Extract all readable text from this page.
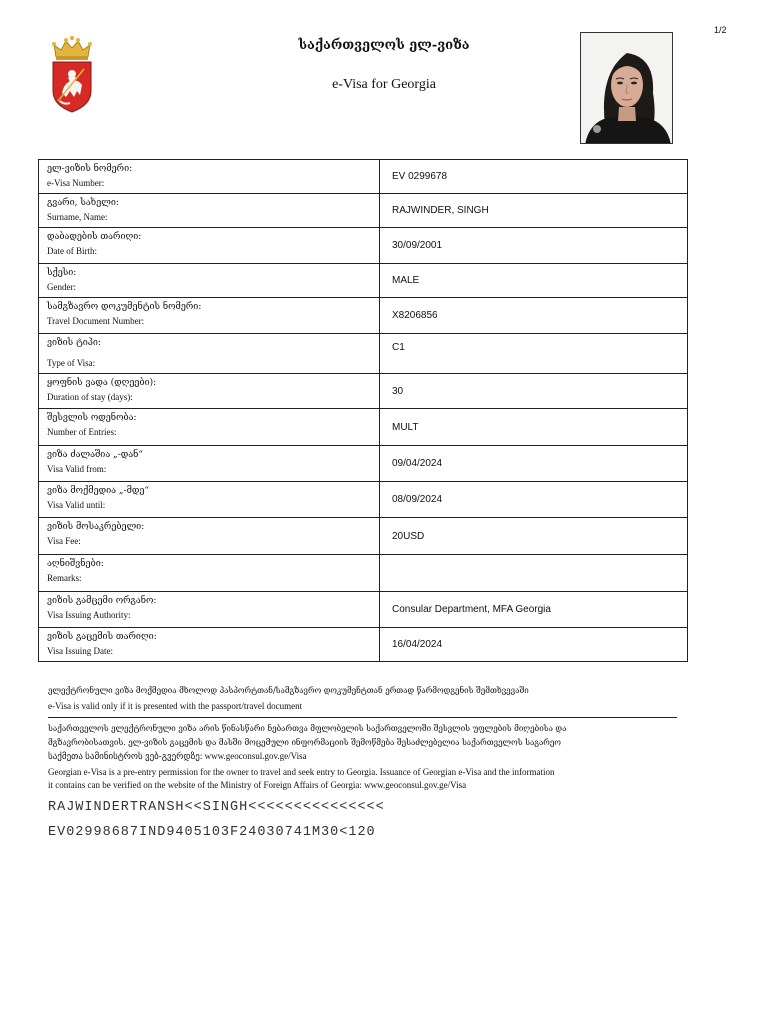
1/2
საქართველოს ელ-ვიზა
e-Visa for Georgia
ელ-ვიზის ნომერი:
e-Visa Number:	EV 0299678

გვარი, სახელი:
Surname, Name:	RAJWINDER, SINGH

დაბადების თარიღი:
Date of Birth:	30/09/2001

სქესი:
Gender:	MALE

სამგზავრო დოკუმენტის ნომერი:
Travel Document Number:	X8206856

ვიზის ტიპი:
Type of Visa:	C1

ყოფნის ვადა (დღეები):
Duration of stay (days):	30

შესვლის ოდენობა:
Number of Entries:	MULT

ვიზა ძალაშია „-დან“
Visa Valid from:	09/04/2024

ვიზა მოქმედია „-მდე“
Visa Valid until:	08/09/2024

ვიზის მოსაკრებელი:
Visa Fee:	20USD

აღნიშვნები:
Remarks:	

ვიზის გამცემი ორგანო:
Visa Issuing Authority:	Consular Department, MFA Georgia

ვიზის გაცემის თარიღი:
Visa Issuing Date:	16/04/2024
ელექტრონული ვიზა მოქმედია მხოლოდ პასპორტთან/სამგზავრო დოკუმენტთან ერთად წარმოდგენის შემთხვევაში
e-Visa is valid only if it is presented with the passport/travel document
საქართველოს ელექტრონული ვიზა არის წინასწარი ნებართვა მფლობელის საქართველოში შესვლის უფლების მიღებისა და
მგზავრობისათვის. ელ-ვიზის გაცემის და მასში მოცემული ინფორმაციის შემოწმება შესაძლებელია საქართველოს საგარეო
საქმეთა სამინისტროს ვებ-გვერდზე: www.geoconsul.gov.ge/Visa
Georgian e-Visa is a pre-entry permission for the owner to travel and seek entry to Georgia. Issuance of Georgian e-Visa and the information
it contains can be verified on the website of the Ministry of Foreign Affairs of Georgia: www.geoconsul.gov.ge/Visa
RAJWINDERTRANSH<<SINGH<<<<<<<<<<<<<<<
EV02998687IND9405103F24030741M30<120
